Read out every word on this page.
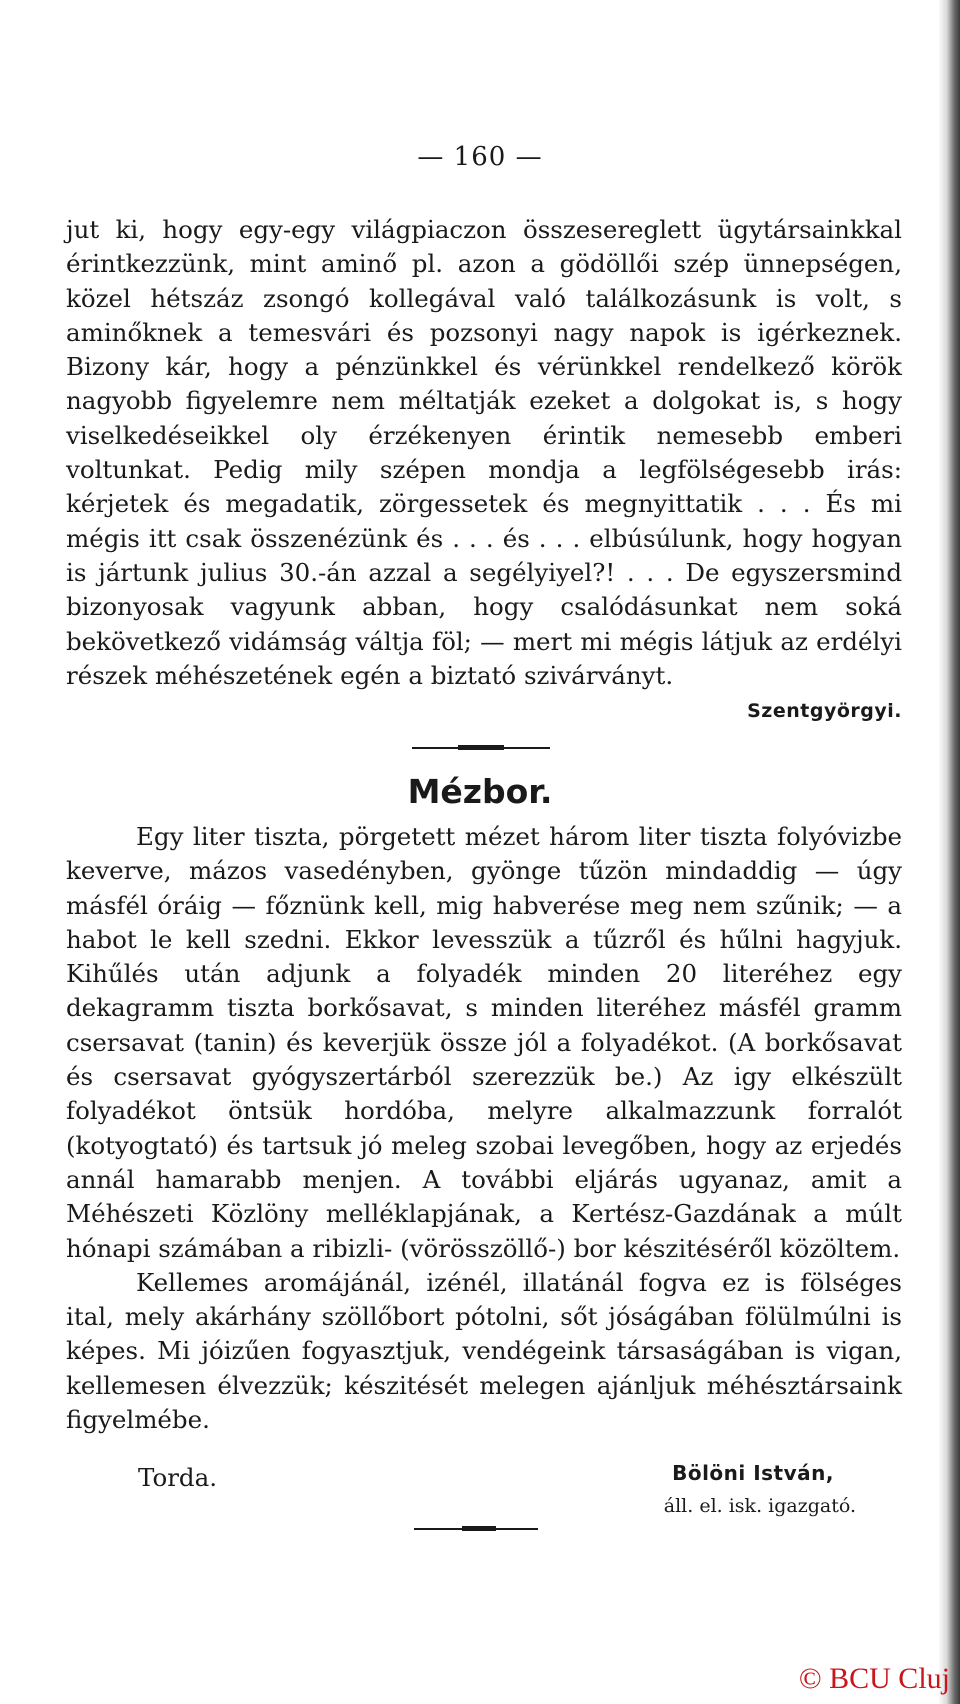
— 160 —

jut ki, hogy egy-egy világpiaczon összesereglett ügytársainkkal érintkezzünk, mint aminő pl. azon a gödöllői szép ünnepségen, közel hétszáz zsongó kollegával való találkozásunk is volt, s aminőknek a temesvári és pozsonyi nagy napok is igérkeznek. Bizony kár, hogy a pénzünkkel és vérünkkel rendelkező körök nagyobb figyelemre nem méltatják ezeket a dolgokat is, s hogy viselkedéseikkel oly érzékenyen érintik nemesebb emberi voltunkat. Pedig mily szépen mondja a legfölségesebb irás: kérjetek és megadatik, zörgessetek és megnyittatik . . . És mi mégis itt csak összenézünk és . . . és . . . elbúsúlunk, hogy hogyan is jártunk julius 30.-án azzal a segélyiyel?! . . . De egyszersmind bizonyosak vagyunk abban, hogy csalódásunkat nem soká bekövetkező vidámság váltja föl; — mert mi mégis látjuk az erdélyi részek méhészetének egén a biztató szivárványt.

Szentgyörgyi.
Mézbor.

Egy liter tiszta, pörgetett mézet három liter tiszta folyóvizbe keverve, mázos vasedényben, gyönge tűzön mindaddig — úgy másfél óráig — főznünk kell, mig habverése meg nem szűnik; — a habot le kell szedni. Ekkor levesszük a tűzről és hűlni hagyjuk. Kihűlés után adjunk a folyadék minden 20 literéhez egy dekagramm tiszta borkősavat, s minden literéhez másfél gramm csersavat (tanin) és keverjük össze jól a folyadékot. (A borkősavat és csersavat gyógyszertárból szerezzük be.) Az igy elkészült folyadékot öntsük hordóba, melyre alkalmazzunk forralót (kotyogtató) és tartsuk jó meleg szobai levegőben, hogy az erjedés annál hamarabb menjen. A további eljárás ugyanaz, amit a Méhészeti Közlöny melléklapjának, a Kertész-Gazdának a múlt hónapi számában a ribizli- (vörösszöllő-) bor készitéséről közöltem.

Kellemes aromájánál, izénél, illatánál fogva ez is fölséges ital, mely akárhány szöllőbort pótolni, sőt jóságában fölülmúlni is képes. Mi jóizűen fogyasztjuk, vendégeink társaságában is vigan, kellemesen élvezzük; készitését melegen ajánljuk méhésztársaink figyelmébe.

Torda.	Bölöni István,
áll. el. isk. igazgató.
© BCU Cluj
